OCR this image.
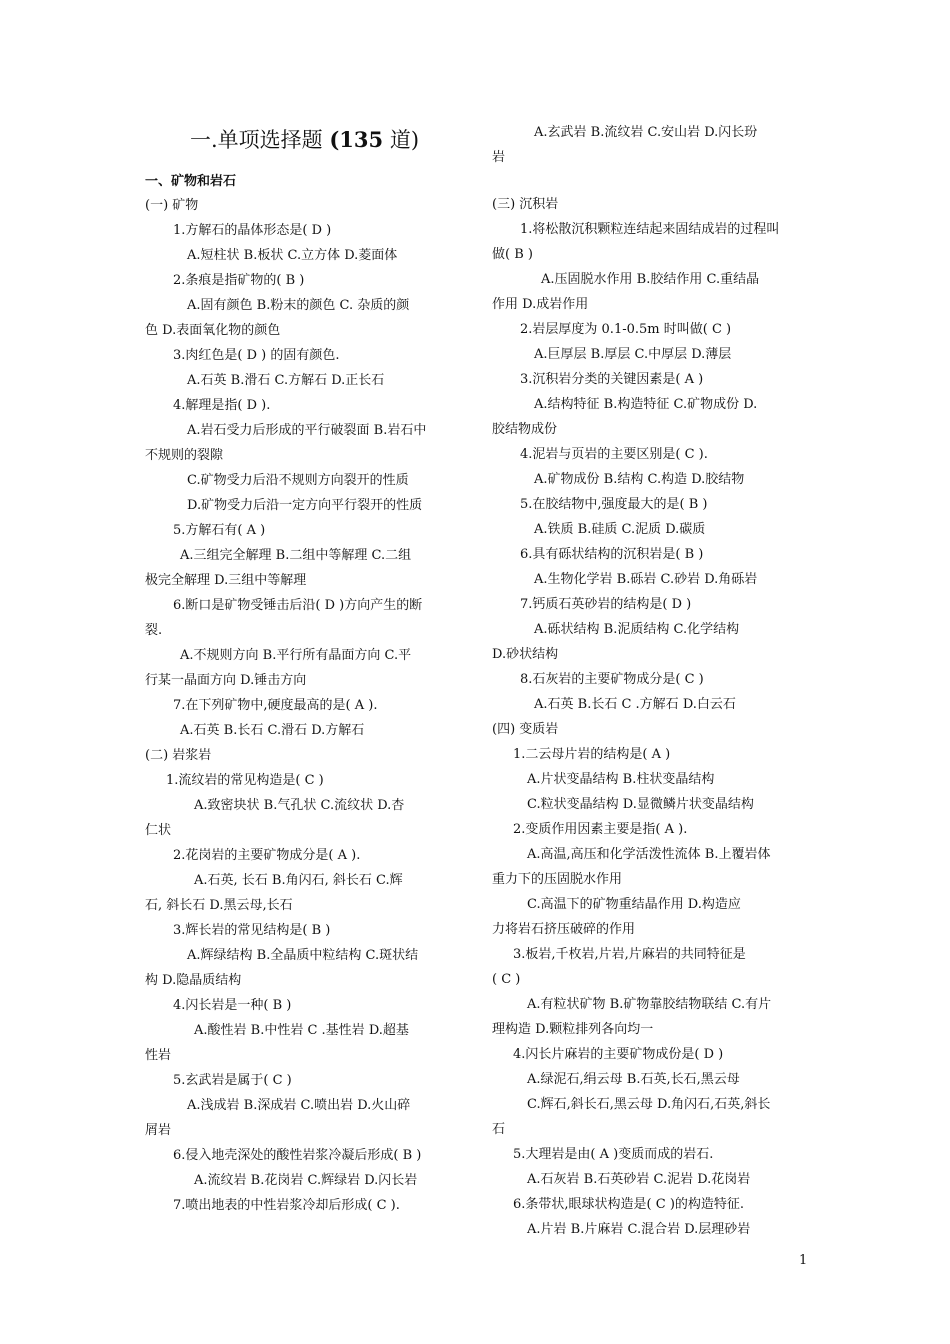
一.单项选择题 (135 道)
一、矿物和岩石
(一) 矿物
1.方解石的晶体形态是( D )
A.短柱状 B.板状 C.立方体 D.菱面体
2.条痕是指矿物的( B )
A.固有颜色 B.粉末的颜色 C. 杂质的颜
色 D.表面氧化物的颜色
3.肉红色是( D ) 的固有颜色.
A.石英 B.滑石 C.方解石 D.正长石
4.解理是指( D ).
A.岩石受力后形成的平行破裂面 B.岩石中
不规则的裂隙
C.矿物受力后沿不规则方向裂开的性质
D.矿物受力后沿一定方向平行裂开的性质
5.方解石有( A )
A.三组完全解理 B.二组中等解理 C.二组
极完全解理 D.三组中等解理
6.断口是矿物受锤击后沿( D )方向产生的断
裂.
A.不规则方向 B.平行所有晶面方向 C.平
行某一晶面方向 D.锤击方向
7.在下列矿物中,硬度最高的是( A ).
A.石英 B.长石 C.滑石 D.方解石
(二) 岩浆岩
1.流纹岩的常见构造是( C )
A.致密块状 B.气孔状 C.流纹状 D.杏
仁状
2.花岗岩的主要矿物成分是( A ).
A.石英, 长石 B.角闪石, 斜长石 C.辉
石, 斜长石 D.黑云母,长石
3.辉长岩的常见结构是( B )
A.辉绿结构 B.全晶质中粒结构 C.斑状结
构 D.隐晶质结构
4.闪长岩是一种( B )
A.酸性岩 B.中性岩 C .基性岩 D.超基
性岩
5.玄武岩是属于( C )
A.浅成岩 B.深成岩 C.喷出岩 D.火山碎
屑岩
6.侵入地壳深处的酸性岩浆冷凝后形成( B )
A.流纹岩 B.花岗岩 C.辉绿岩 D.闪长岩
7.喷出地表的中性岩浆冷却后形成( C ).
A.玄武岩 B.流纹岩 C.安山岩 D.闪长玢
岩
(三) 沉积岩
1.将松散沉积颗粒连结起来固结成岩的过程叫
做( B )
A.压固脱水作用 B.胶结作用 C.重结晶
作用 D.成岩作用
2.岩层厚度为 0.1-0.5m 时叫做( C )
A.巨厚层 B.厚层 C.中厚层 D.薄层
3.沉积岩分类的关键因素是( A )
A.结构特征 B.构造特征 C.矿物成份 D.
胶结物成份
4.泥岩与页岩的主要区别是( C ).
A.矿物成份 B.结构 C.构造 D.胶结物
5.在胶结物中,强度最大的是( B )
A.铁质 B.硅质 C.泥质 D.碳质
6.具有砾状结构的沉积岩是( B )
A.生物化学岩 B.砾岩 C.砂岩 D.角砾岩
7.钙质石英砂岩的结构是( D )
A.砾状结构 B.泥质结构 C.化学结构
D.砂状结构
8.石灰岩的主要矿物成分是( C )
A.石英 B.长石 C .方解石 D.白云石
(四) 变质岩
1.二云母片岩的结构是( A )
A.片状变晶结构 B.柱状变晶结构
C.粒状变晶结构 D.显微鳞片状变晶结构
2.变质作用因素主要是指( A ).
A.高温,高压和化学活泼性流体 B.上覆岩体
重力下的压固脱水作用
C.高温下的矿物重结晶作用 D.构造应
力将岩石挤压破碎的作用
3.板岩,千枚岩,片岩,片麻岩的共同特征是
( C )
A.有粒状矿物 B.矿物靠胶结物联结 C.有片
理构造 D.颗粒排列各向均一
4.闪长片麻岩的主要矿物成份是( D )
A.绿泥石,绢云母 B.石英,长石,黑云母
C.辉石,斜长石,黑云母 D.角闪石,石英,斜长
石
5.大理岩是由( A )变质而成的岩石.
A.石灰岩 B.石英砂岩 C.泥岩 D.花岗岩
6.条带状,眼球状构造是( C )的构造特征.
A.片岩 B.片麻岩 C.混合岩 D.层理砂岩
1
